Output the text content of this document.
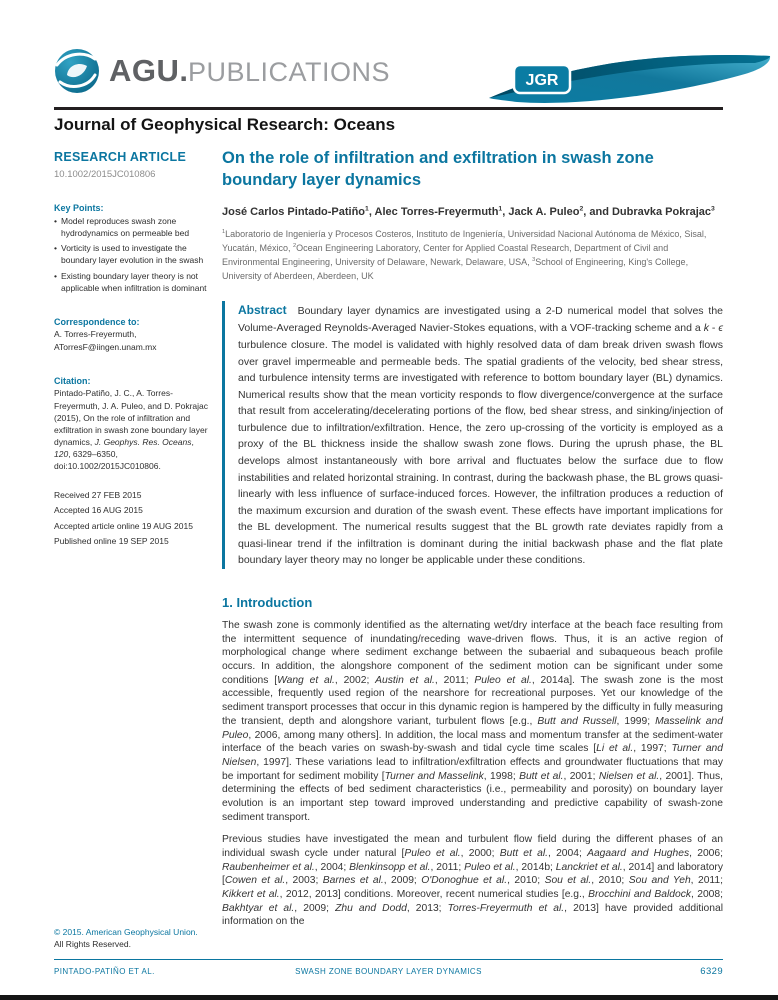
AGU . PUBLICATIONS	JGR
Journal of Geophysical Research: Oceans
RESEARCH ARTICLE
10.1002/2015JC010806
Key Points:
• Model reproduces swash zone hydrodynamics on permeable bed
• Vorticity is used to investigate the boundary layer evolution in the swash
• Existing boundary layer theory is not applicable when infiltration is dominant
Correspondence to:
A. Torres-Freyermuth,
ATorresF@iingen.unam.mx
Citation:
Pintado-Patiño, J. C., A. Torres-Freyermuth, J. A. Puleo, and D. Pokrajac (2015), On the role of infiltration and exfiltration in swash zone boundary layer dynamics, J. Geophys. Res. Oceans, 120, 6329–6350, doi:10.1002/2015JC010806.
Received 27 FEB 2015
Accepted 16 AUG 2015
Accepted article online 19 AUG 2015
Published online 19 SEP 2015
© 2015. American Geophysical Union.
All Rights Reserved.
On the role of infiltration and exfiltration in swash zone boundary layer dynamics
José Carlos Pintado-Patiño$^1$, Alec Torres-Freyermuth$^1$, Jack A. Puleo$^2$, and Dubravka Pokrajac$^3$
$^1$Laboratorio de Ingeniería y Procesos Costeros, Instituto de Ingeniería, Universidad Nacional Autónoma de México, Sisal, Yucatán, México, $^2$Ocean Engineering Laboratory, Center for Applied Coastal Research, Department of Civil and Environmental Engineering, University of Delaware, Newark, Delaware, USA, $^3$School of Engineering, King's College, University of Aberdeen, Aberdeen, UK

Abstract Boundary layer dynamics are investigated using a 2-D numerical model that solves the Volume-Averaged Reynolds-Averaged Navier-Stokes equations, with a VOF-tracking scheme and a k - ϵ turbulence closure. The model is validated with highly resolved data of dam break driven swash flows over gravel impermeable and permeable beds. The spatial gradients of the velocity, bed shear stress, and turbulence intensity terms are investigated with reference to bottom boundary layer (BL) dynamics. Numerical results show that the mean vorticity responds to flow divergence/convergence at the surface that result from accelerating/decelerating portions of the flow, bed shear stress, and sinking/injection of turbulence due to infiltration/exfiltration. Hence, the zero up-crossing of the vorticity is employed as a proxy of the BL thickness inside the shallow swash zone flows. During the uprush phase, the BL develops almost instantaneously with bore arrival and fluctuates below the surface due to flow instabilities and related horizontal straining. In contrast, during the backwash phase, the BL grows quasi-linearly with less influence of surface-induced forces. However, the infiltration produces a reduction of the maximum excursion and duration of the swash event. These effects have important implications for the BL development. The numerical results suggest that the BL growth rate deviates rapidly from a quasi-linear trend if the infiltration is dominant during the initial backwash phase and the flat plate boundary layer theory may no longer be applicable under these conditions.

1. Introduction

The swash zone is commonly identified as the alternating wet/dry interface at the beach face resulting from the intermittent sequence of inundating/receding wave-driven flows. Thus, it is an active region of morphological change where sediment exchange between the subaerial and subaqueous beach profile occurs. In addition, the alongshore component of the sediment motion can be significant under some conditions [Wang et al., 2002; Austin et al., 2011; Puleo et al., 2014a]. The swash zone is the most accessible, frequently used region of the nearshore for recreational purposes. Yet our knowledge of the sediment transport processes that occur in this dynamic region is hampered by the difficulty in fully measuring the transient, depth and alongshore variant, turbulent flows [e.g., Butt and Russell, 1999; Masselink and Puleo, 2006, among many others]. In addition, the local mass and momentum transfer at the sediment-water interface of the beach varies on swash-by-swash and tidal cycle time scales [Li et al., 1997; Turner and Nielsen, 1997]. These variations lead to infiltration/exfiltration effects and groundwater fluctuations that may be important for sediment mobility [Turner and Masselink, 1998; Butt et al., 2001; Nielsen et al., 2001]. Thus, determining the effects of bed sediment characteristics (i.e., permeability and porosity) on boundary layer evolution is an important step toward improved understanding and predictive capability of swash-zone sediment transport.

Previous studies have investigated the mean and turbulent flow field during the different phases of an individual swash cycle under natural [Puleo et al., 2000; Butt et al., 2004; Aagaard and Hughes, 2006; Raubenheimer et al., 2004; Blenkinsopp et al., 2011; Puleo et al., 2014b; Lanckriet et al., 2014] and laboratory [Cowen et al., 2003; Barnes et al., 2009; O'Donoghue et al., 2010; Sou et al., 2010; Sou and Yeh, 2011; Kikkert et al., 2012, 2013] conditions. Moreover, recent numerical studies [e.g., Brocchini and Baldock, 2008; Bakhtyar et al., 2009; Zhu and Dodd, 2013; Torres-Freyermuth et al., 2013] have provided additional information on the

PINTADO-PATIÑO ET AL.	SWASH ZONE BOUNDARY LAYER DYNAMICS	6329
